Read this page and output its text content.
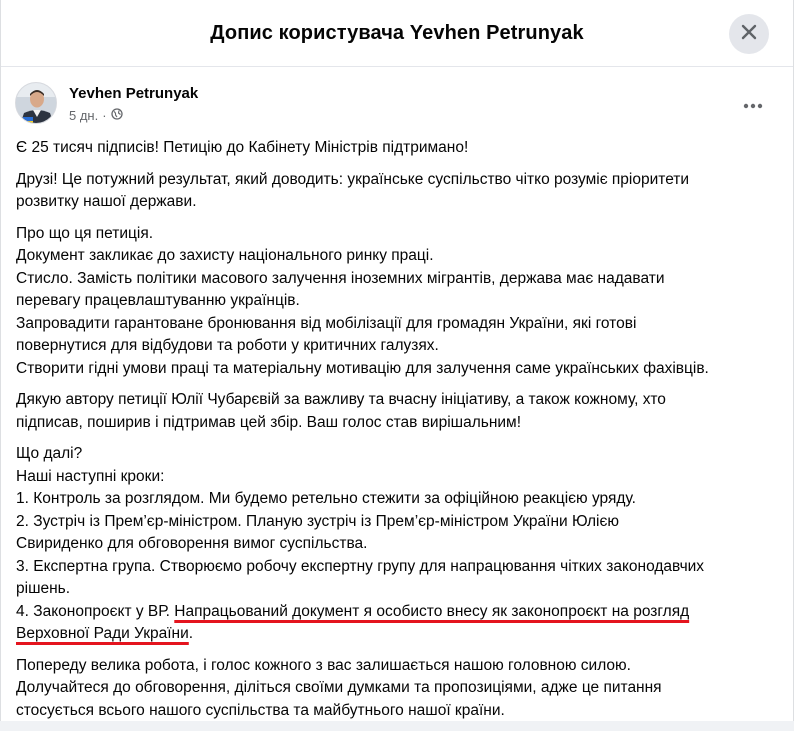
Допис користувача Yevhen Petrunyak
Yevhen Petrunyak
5 дн. ·

Є 25 тисяч підписів! Петицію до Кабінету Міністрів підтримано!

Друзі! Це потужний результат, який доводить: українське суспільство чітко розуміє пріоритети
розвитку нашої держави.

Про що ця петиція.
Документ закликає до захисту національного ринку праці.
Стисло. Замість політики масового залучення іноземних мігрантів, держава має надавати
перевагу працевлаштуванню українців.
Запровадити гарантоване бронювання від мобілізації для громадян України, які готові
повернутися для відбудови та роботи у критичних галузях.
Створити гідні умови праці та матеріальну мотивацію для залучення саме українських фахівців.

Дякую автору петиції Юлії Чубарєвій за важливу та вчасну ініціативу, а також кожному, хто
підписав, поширив і підтримав цей збір. Ваш голос став вирішальним!

Що далі?
Наші наступні кроки:
1. Контроль за розглядом. Ми будемо ретельно стежити за офіційною реакцією уряду.
2. Зустріч із Прем’єр-міністром. Планую зустріч із Прем’єр-міністром України Юлією
Свириденко для обговорення вимог суспільства.
3. Експертна група. Створюємо робочу експертну групу для напрацювання чітких законодавчих
рішень.
4. Законопроєкт у ВР. Напрацьований документ я особисто внесу як законопроєкт на розгляд
Верховної Ради України.

Попереду велика робота, і голос кожного з вас залишається нашою головною силою.
Долучайтеся до обговорення, діліться своїми думками та пропозиціями, адже це питання
стосується всього нашого суспільства та майбутнього нашої країни.
